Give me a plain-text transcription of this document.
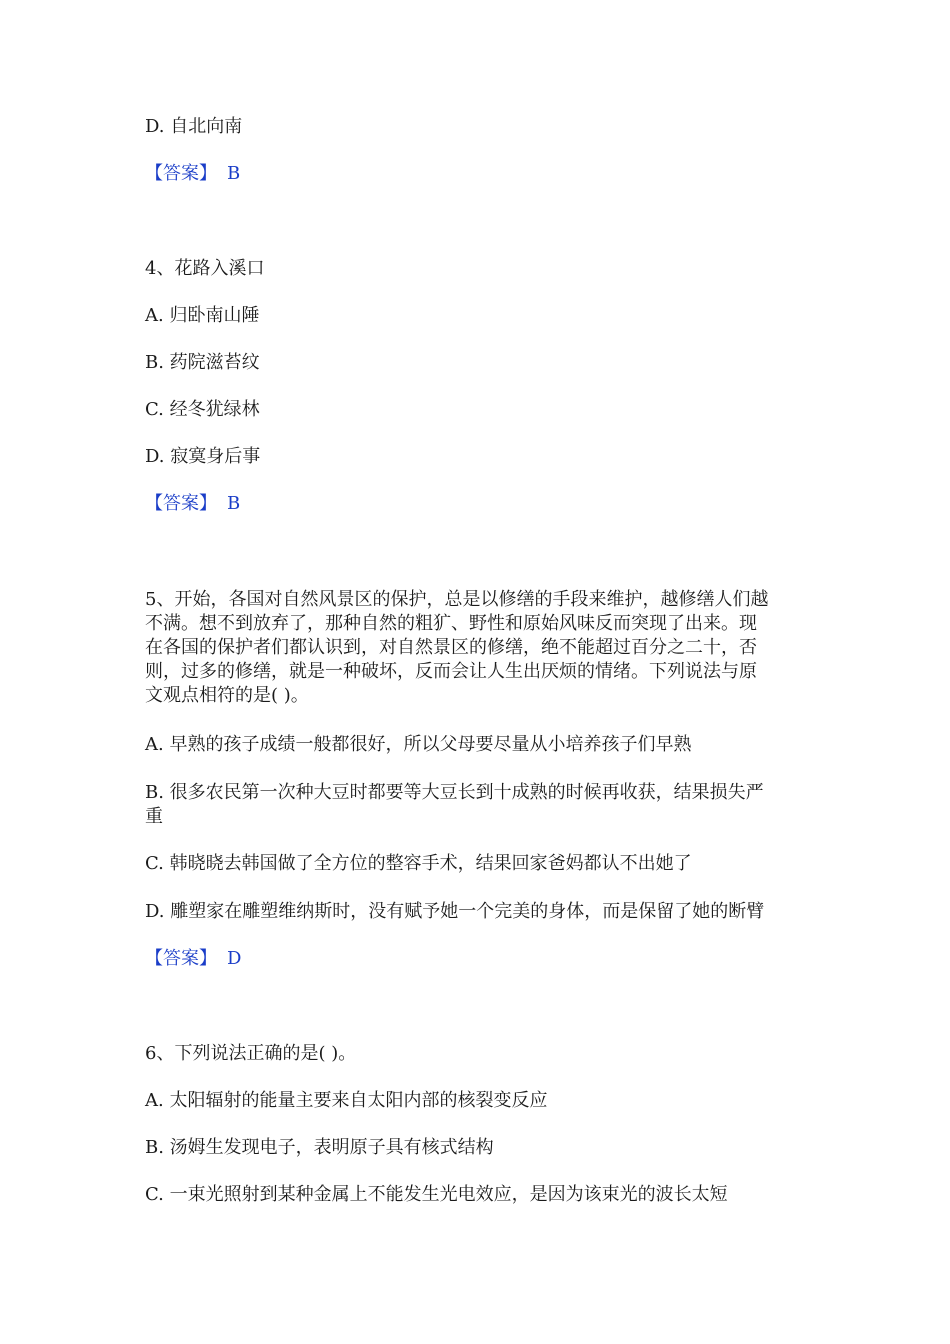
D. 自北向南
【答案】 B
4、花路入溪口
A. 归卧南山陲
B. 药院滋苔纹
C. 经冬犹绿林
D. 寂寞身后事
【答案】 B
5、开始，各国对自然风景区的保护，总是以修缮的手段来维护，越修缮人们越
不满。想不到放弃了，那种自然的粗犷、野性和原始风味反而突现了出来。现
在各国的保护者们都认识到，对自然景区的修缮，绝不能超过百分之二十，否
则，过多的修缮，就是一种破坏，反而会让人生出厌烦的情绪。下列说法与原
文观点相符的是( )。
A. 早熟的孩子成绩一般都很好，所以父母要尽量从小培养孩子们早熟
B. 很多农民第一次种大豆时都要等大豆长到十成熟的时候再收获，结果损失严
重
C. 韩晓晓去韩国做了全方位的整容手术，结果回家爸妈都认不出她了
D. 雕塑家在雕塑维纳斯时，没有赋予她一个完美的身体，而是保留了她的断臂
【答案】 D
6、下列说法正确的是( )。
A. 太阳辐射的能量主要来自太阳内部的核裂变反应
B. 汤姆生发现电子，表明原子具有核式结构
C. 一束光照射到某种金属上不能发生光电效应，是因为该束光的波长太短
